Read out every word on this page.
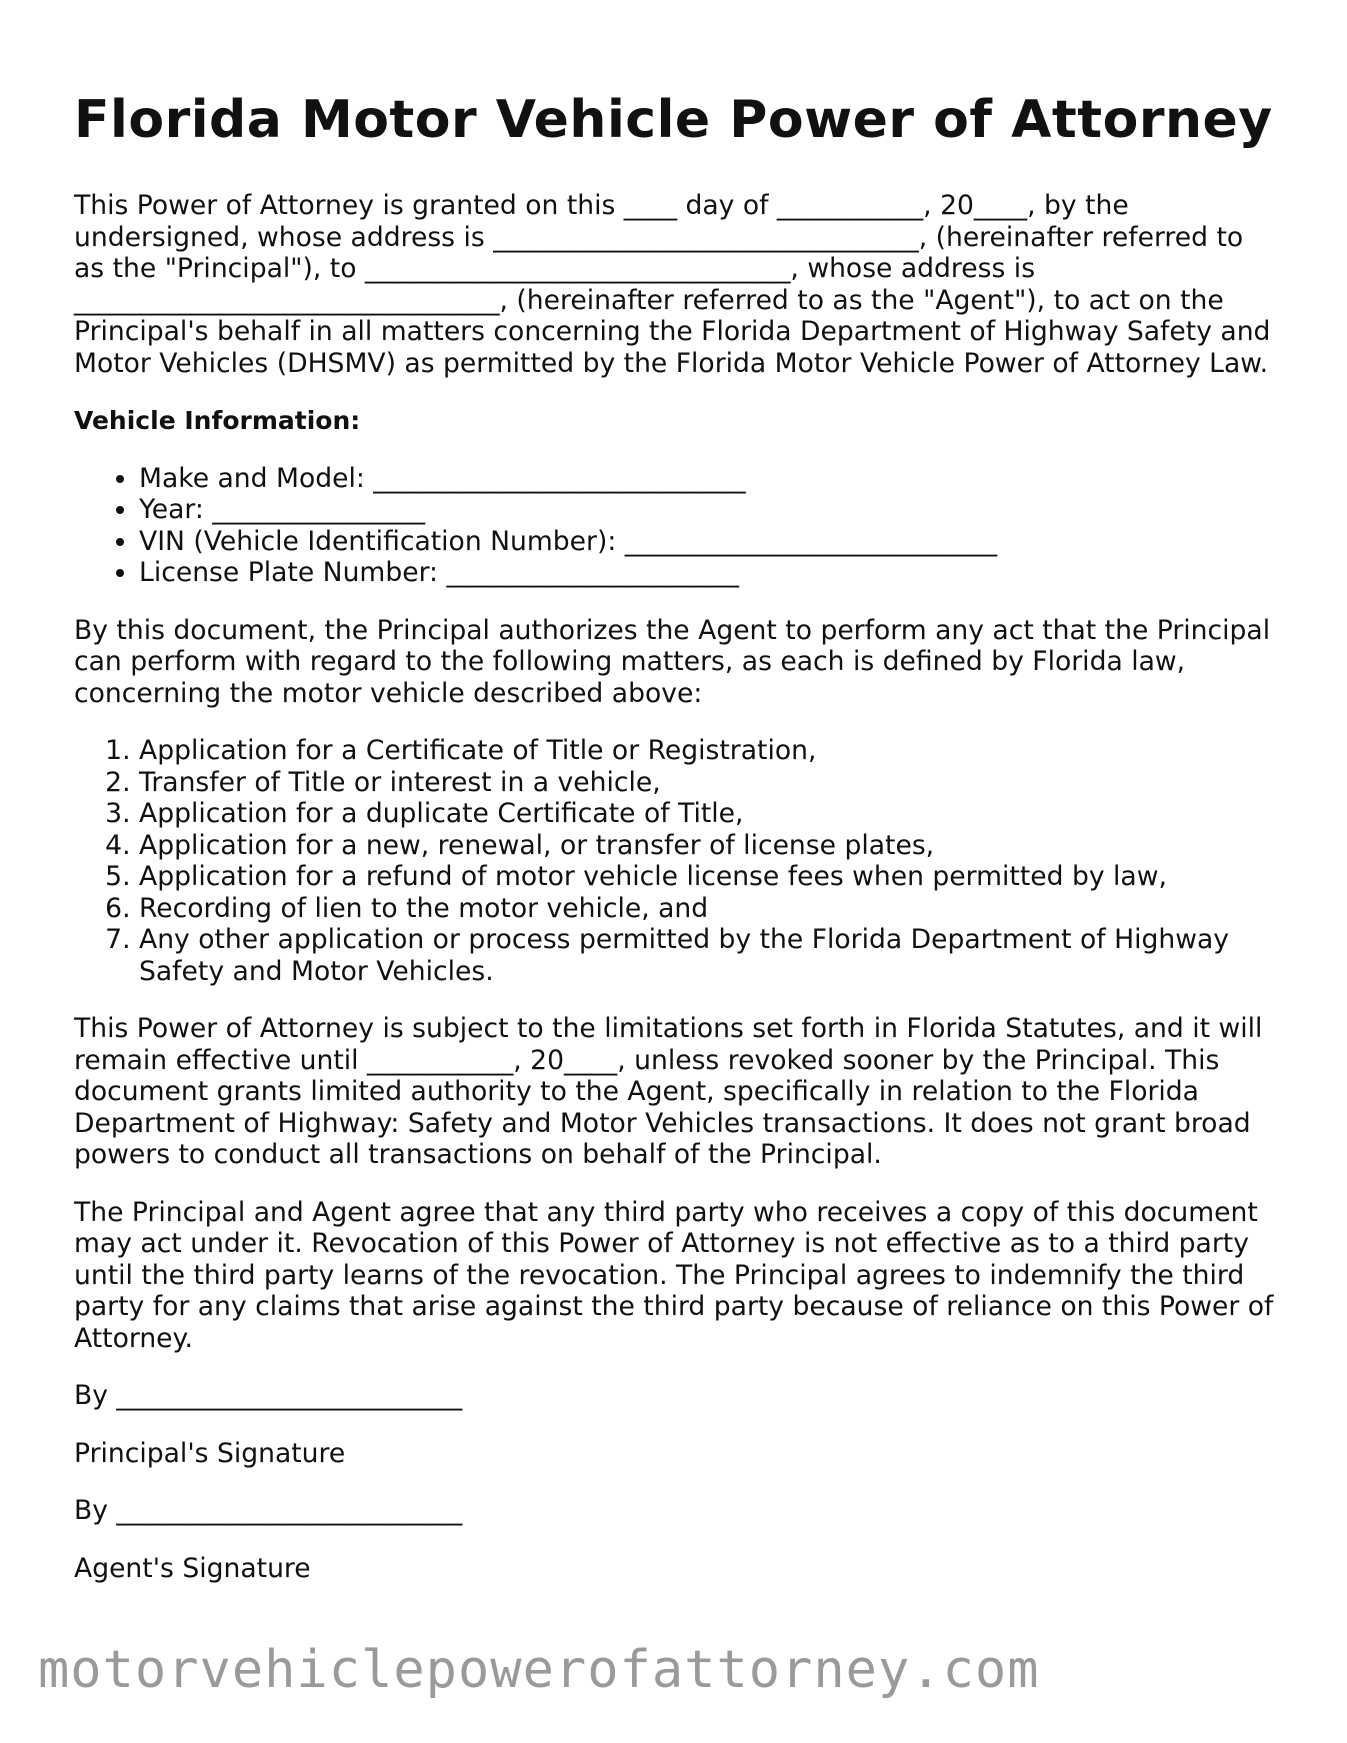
Florida Motor Vehicle Power of Attorney

This Power of Attorney is granted on this ____ day of ___________, 20____, by the undersigned, whose address is ________________________________, (hereinafter referred to as the "Principal"), to ________________________________, whose address is ________________________________, (hereinafter referred to as the "Agent"), to act on the Principal's behalf in all matters concerning the Florida Department of Highway Safety and Motor Vehicles (DHSMV) as permitted by the Florida Motor Vehicle Power of Attorney Law.

Vehicle Information:

• Make and Model: ____________________________
• Year: ________________
• VIN (Vehicle Identification Number): ____________________________
• License Plate Number: ______________________

By this document, the Principal authorizes the Agent to perform any act that the Principal can perform with regard to the following matters, as each is defined by Florida law, concerning the motor vehicle described above:

1. Application for a Certificate of Title or Registration,
2. Transfer of Title or interest in a vehicle,
3. Application for a duplicate Certificate of Title,
4. Application for a new, renewal, or transfer of license plates,
5. Application for a refund of motor vehicle license fees when permitted by law,
6. Recording of lien to the motor vehicle, and
7. Any other application or process permitted by the Florida Department of Highway Safety and Motor Vehicles.

This Power of Attorney is subject to the limitations set forth in Florida Statutes, and it will remain effective until ___________, 20____, unless revoked sooner by the Principal. This document grants limited authority to the Agent, specifically in relation to the Florida Department of Highway: Safety and Motor Vehicles transactions. It does not grant broad powers to conduct all transactions on behalf of the Principal.

The Principal and Agent agree that any third party who receives a copy of this document may act under it. Revocation of this Power of Attorney is not effective as to a third party until the third party learns of the revocation. The Principal agrees to indemnify the third party for any claims that arise against the third party because of reliance on this Power of Attorney.

By __________________________

Principal's Signature

By __________________________

Agent's Signature

motorvehiclepowerofattorney.com
